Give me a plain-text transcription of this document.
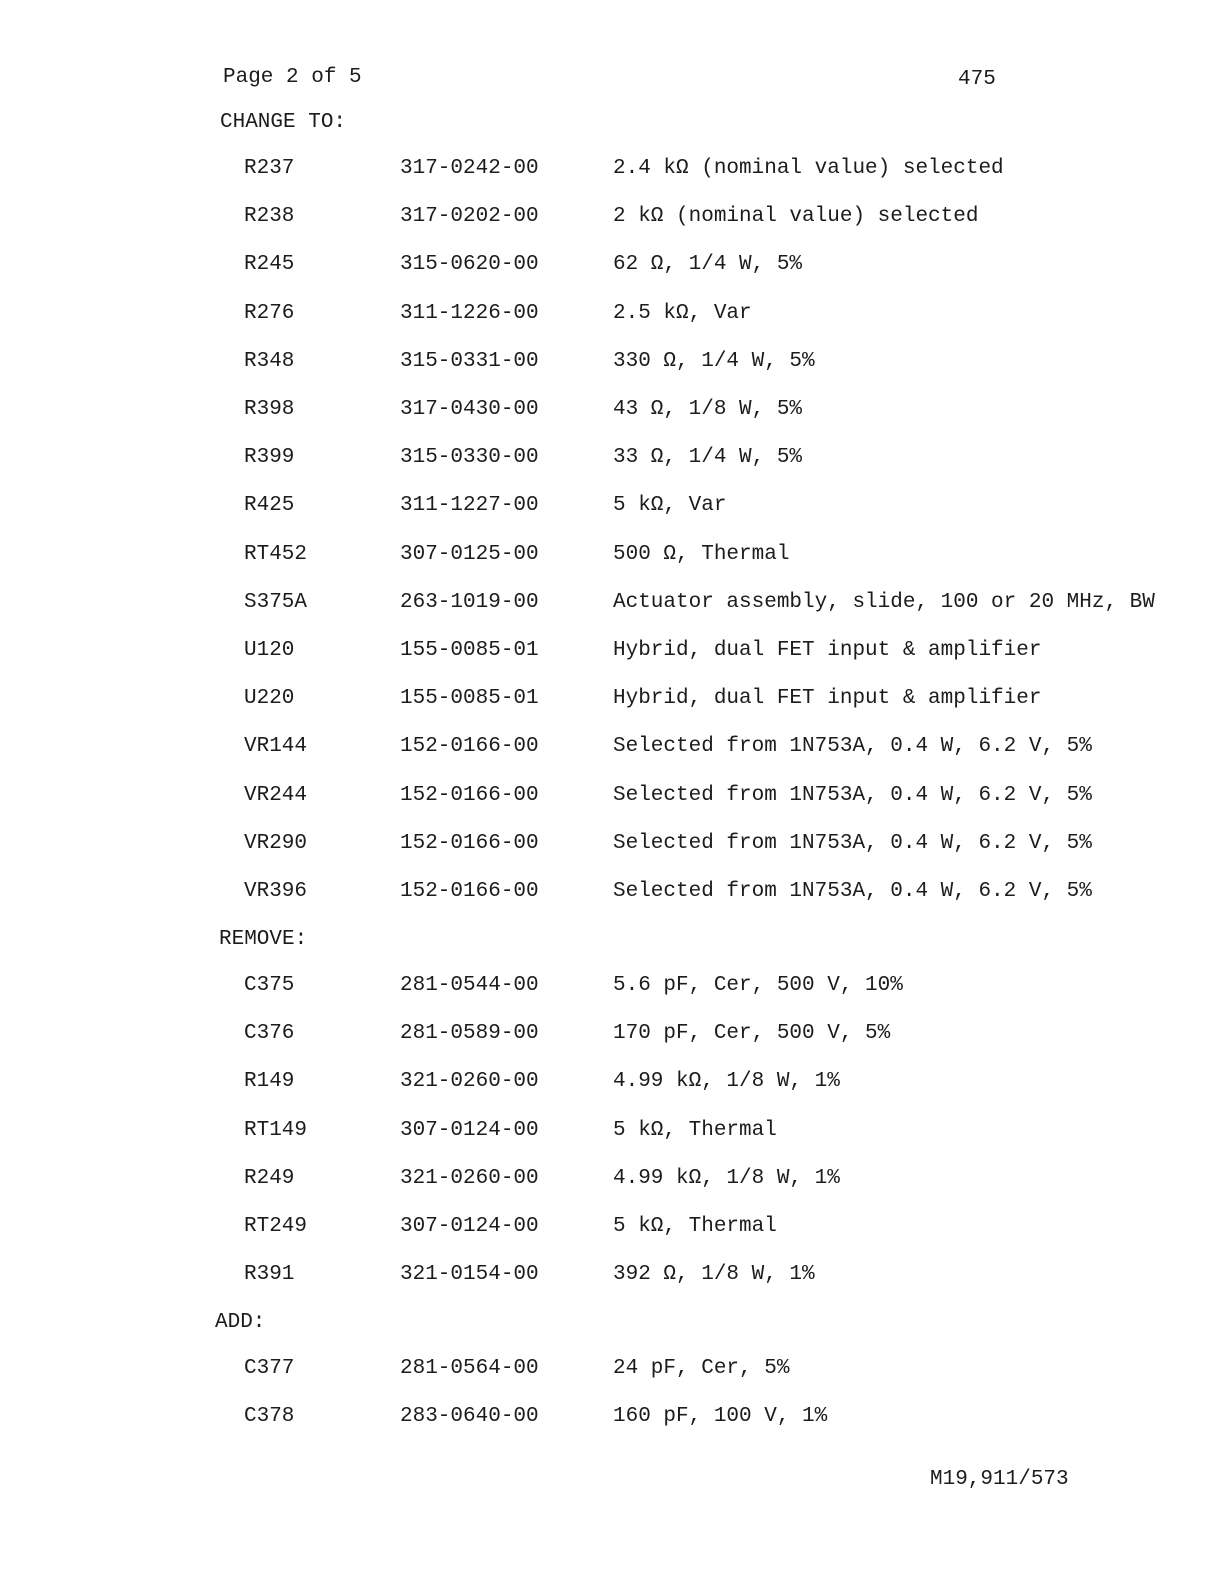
Page 2 of 5	475
CHANGE TO:
R237	317-0242-00	2.4 kΩ (nominal value) selected
R238	317-0202-00	2 kΩ (nominal value) selected
R245	315-0620-00	62 Ω, 1/4 W, 5%
R276	311-1226-00	2.5 kΩ, Var
R348	315-0331-00	330 Ω, 1/4 W, 5%
R398	317-0430-00	43 Ω, 1/8 W, 5%
R399	315-0330-00	33 Ω, 1/4 W, 5%
R425	311-1227-00	5 kΩ, Var
RT452	307-0125-00	500 Ω, Thermal
S375A	263-1019-00	Actuator assembly, slide, 100 or 20 MHz, BW
U120	155-0085-01	Hybrid, dual FET input & amplifier
U220	155-0085-01	Hybrid, dual FET input & amplifier
VR144	152-0166-00	Selected from 1N753A, 0.4 W, 6.2 V, 5%
VR244	152-0166-00	Selected from 1N753A, 0.4 W, 6.2 V, 5%
VR290	152-0166-00	Selected from 1N753A, 0.4 W, 6.2 V, 5%
VR396	152-0166-00	Selected from 1N753A, 0.4 W, 6.2 V, 5%
REMOVE:
C375	281-0544-00	5.6 pF, Cer, 500 V, 10%
C376	281-0589-00	170 pF, Cer, 500 V, 5%
R149	321-0260-00	4.99 kΩ, 1/8 W, 1%
RT149	307-0124-00	5 kΩ, Thermal
R249	321-0260-00	4.99 kΩ, 1/8 W, 1%
RT249	307-0124-00	5 kΩ, Thermal
R391	321-0154-00	392 Ω, 1/8 W, 1%
ADD:
C377	281-0564-00	24 pF, Cer, 5%
C378	283-0640-00	160 pF, 100 V, 1%
M19,911/573
